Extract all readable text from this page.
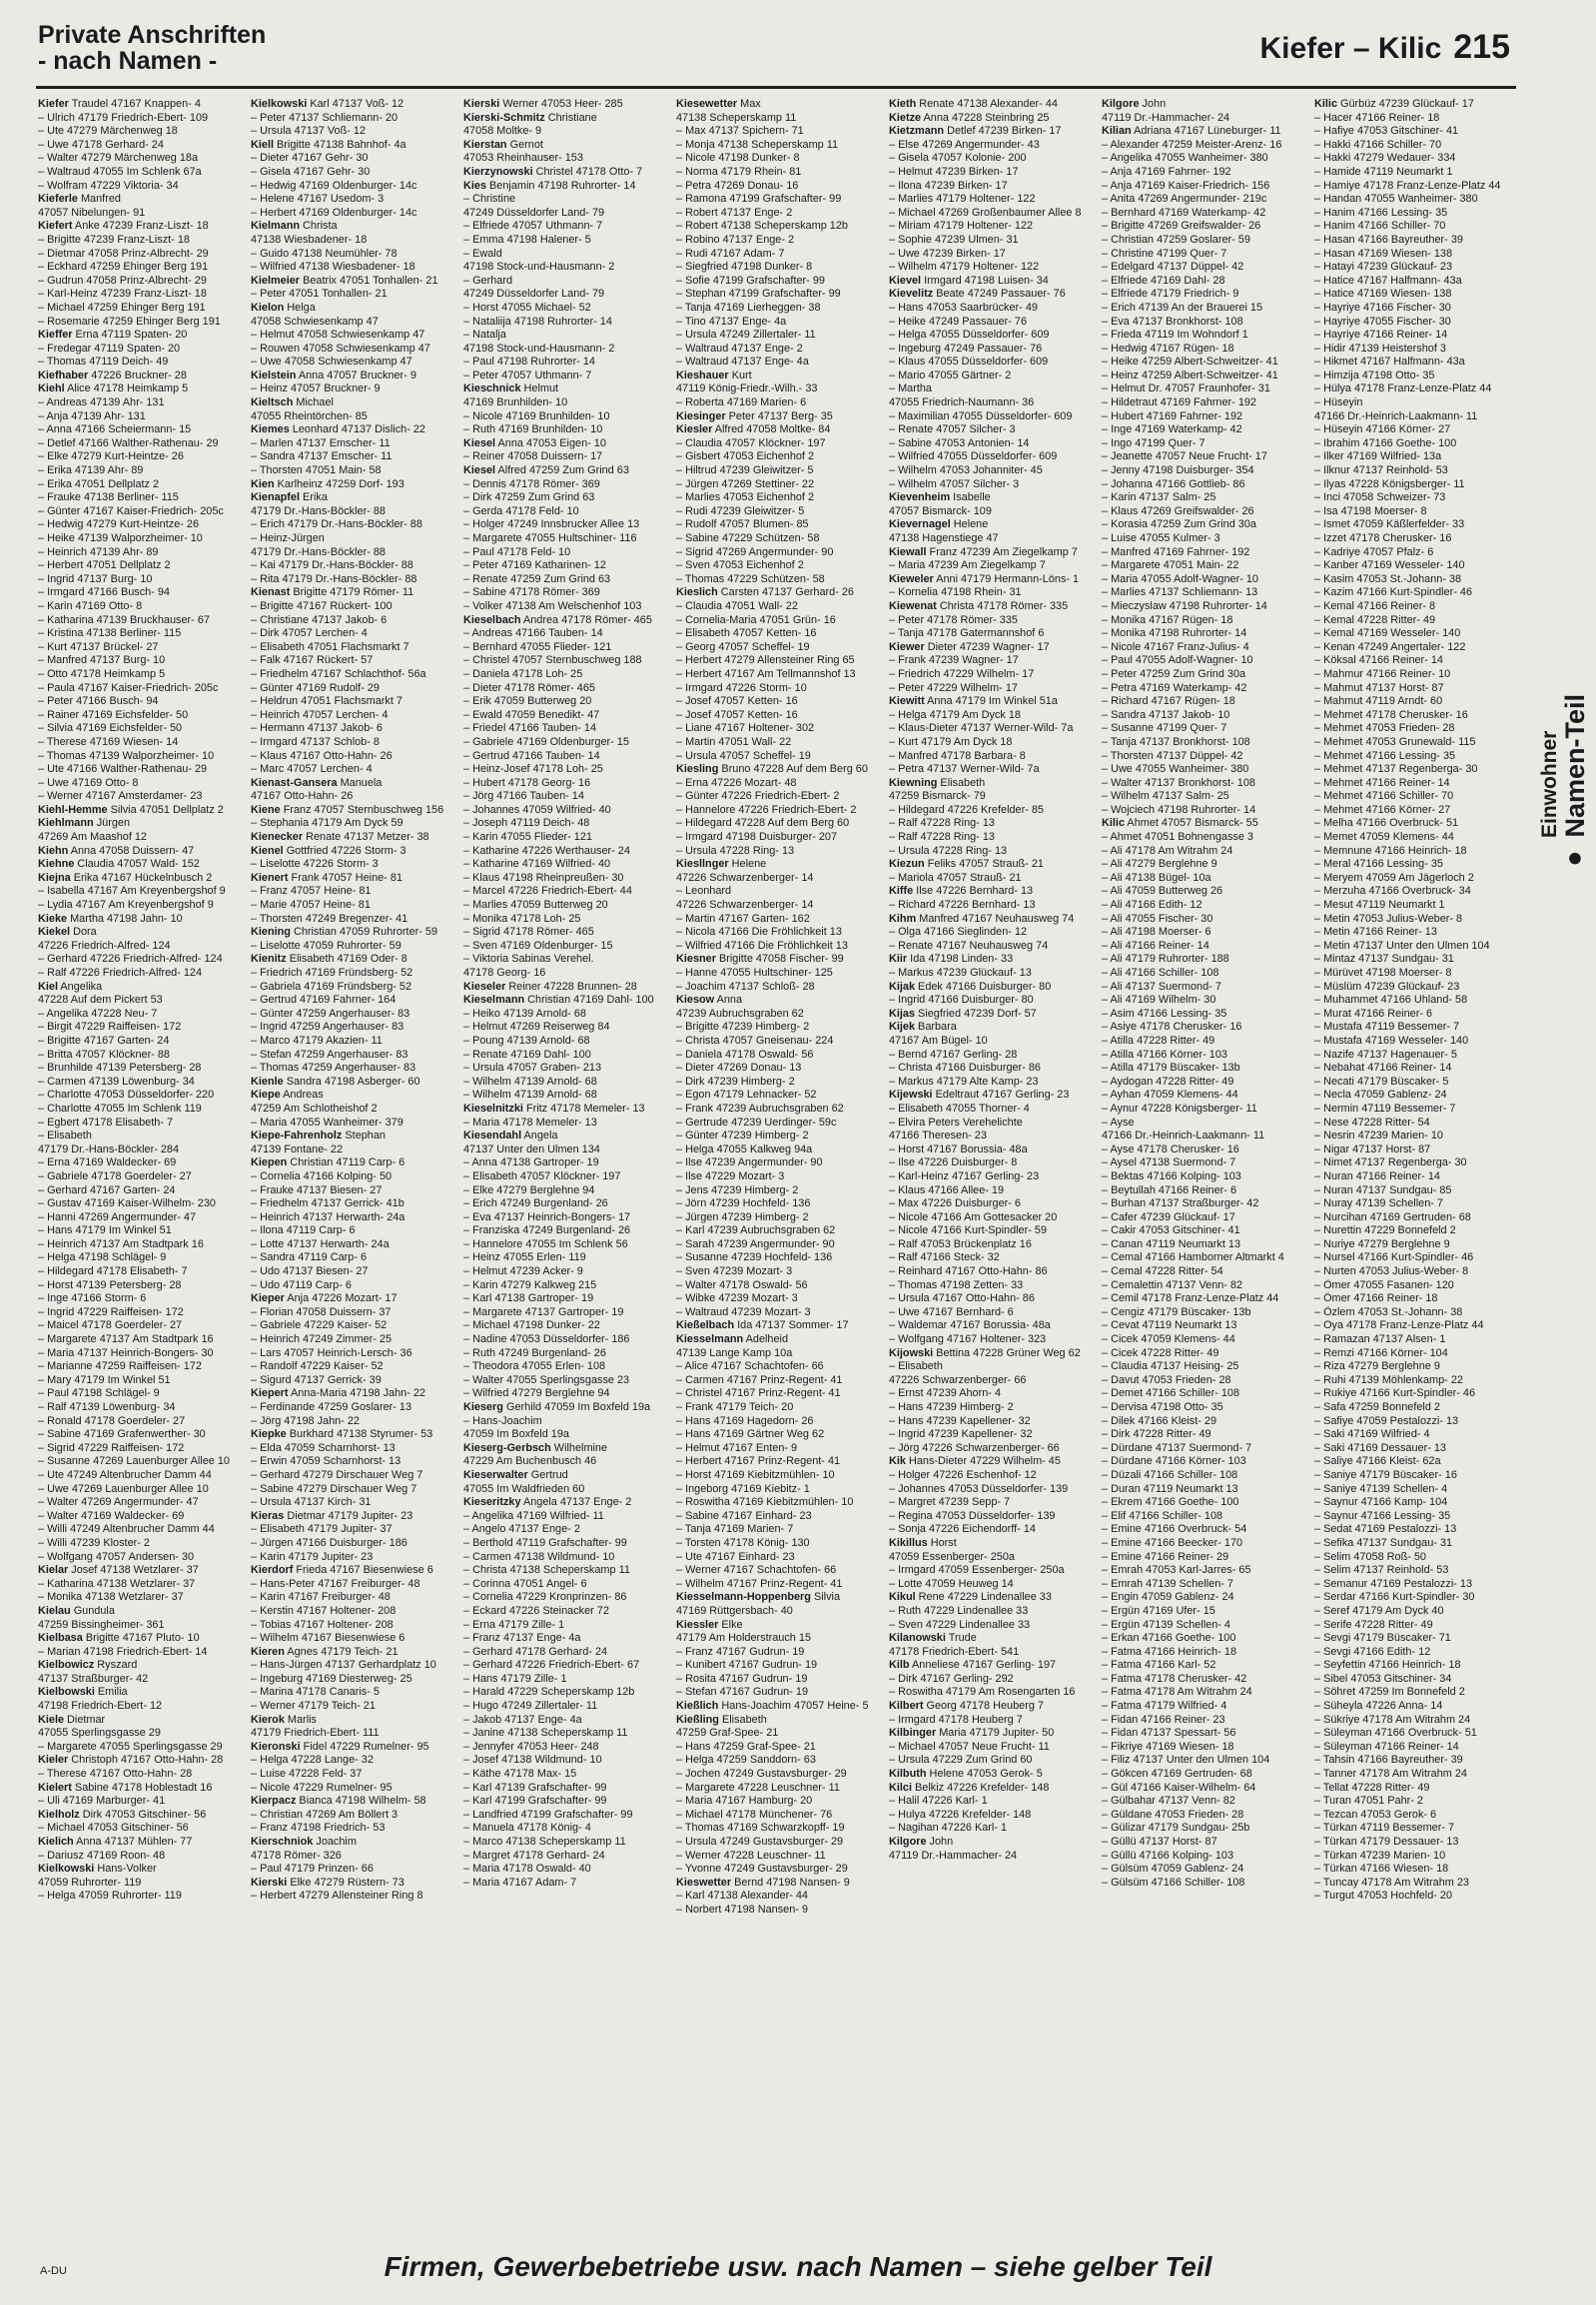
Private Anschriften
- nach Namen -	Kiefer – Kilic 215
Kiefer Traudel 47167 Knappen- 4
– Ulrich 47179 Friedrich-Ebert- 109
– Ute 47279 Märchenweg 18
– Uwe 47178 Gerhard- 24
– Walter 47279 Märchenweg 18a
– Waltraud 47055 Im Schlenk 67a
– Wolfram 47229 Viktoria- 34
Kieferle Manfred
47057 Nibelungen- 91
Kiefert Anke 47239 Franz-Liszt- 18
– Brigitte 47239 Franz-Liszt- 18
– Dietmar 47058 Prinz-Albrecht- 29
– Eckhard 47259 Ehinger Berg 191
– Gudrun 47058 Prinz-Albrecht- 29
– Karl-Heinz 47239 Franz-Liszt- 18
– Michael 47259 Ehinger Berg 191
– Rosemarie 47259 Ehinger Berg 191
Kieffer Erna 47119 Spaten- 20
– Fredegar 47119 Spaten- 20
– Thomas 47119 Deich- 49
Kiefhaber 47226 Bruckner- 28
Kiehl Alice 47178 Heimkamp 5
– Andreas 47139 Ahr- 131
– Anja 47139 Ahr- 131
– Anna 47166 Scheiermann- 15
– Detlef 47166 Walther-Rathenau- 29
– Elke 47279 Kurt-Heintze- 26
– Erika 47139 Ahr- 89
– Erika 47051 Dellplatz 2
– Frauke 47138 Berliner- 115
– Günter 47167 Kaiser-Friedrich- 205c
– Hedwig 47279 Kurt-Heintze- 26
– Heike 47139 Walporzheimer- 10
– Heinrich 47139 Ahr- 89
– Herbert 47051 Dellplatz 2
– Ingrid 47137 Burg- 10
– Irmgard 47166 Busch- 94
– Karin 47169 Otto- 8
– Katharina 47139 Bruckhauser- 67
– Kristina 47138 Berliner- 115
– Kurt 47137 Brückel- 27
– Manfred 47137 Burg- 10
– Otto 47178 Heimkamp 5
– Paula 47167 Kaiser-Friedrich- 205c
– Peter 47166 Busch- 94
– Rainer 47169 Eichsfelder- 50
– Silvia 47169 Eichsfelder- 50
– Therese 47169 Wiesen- 14
– Thomas 47139 Walporzheimer- 10
– Ute 47166 Walther-Rathenau- 29
– Uwe 47169 Otto- 8
– Werner 47167 Amsterdamer- 23
Kiehl-Hemme Silvia 47051 Dellplatz 2
Kiehlmann Jürgen
47269 Am Maashof 12
Kiehn Anna 47058 Duissern- 47
Kiehne Claudia 47057 Wald- 152
Kiejna Erika 47167 Hückelnbusch 2
– Isabella 47167 Am Kreyenbergshof 9
– Lydia 47167 Am Kreyenbergshof 9
Kieke Martha 47198 Jahn- 10
Kiekel Dora
47226 Friedrich-Alfred- 124
– Gerhard 47226 Friedrich-Alfred- 124
– Ralf 47226 Friedrich-Alfred- 124
Kiel Angelika
47228 Auf dem Pickert 53
– Angelika 47228 Neu- 7
– Birgit 47229 Raiffeisen- 172
– Brigitte 47167 Garten- 24
– Britta 47057 Klöckner- 88
– Brunhilde 47139 Petersberg- 28
– Carmen 47139 Löwenburg- 34
– Charlotte 47053 Düsseldorfer- 220
– Charlotte 47055 Im Schlenk 119
– Egbert 47178 Elisabeth- 7
– Elisabeth
47179 Dr.-Hans-Böckler- 284
– Erna 47169 Waldecker- 69
– Gabriele 47178 Goerdeler- 27
– Gerhard 47167 Garten- 24
– Gustav 47169 Kaiser-Wilhelm- 230
– Hanni 47269 Angermunder- 47
– Hans 47179 Im Winkel 51
– Heinrich 47137 Am Stadtpark 16
– Helga 47198 Schlägel- 9
– Hildegard 47178 Elisabeth- 7
– Horst 47139 Petersberg- 28
– Inge 47166 Storm- 6
– Ingrid 47229 Raiffeisen- 172
– Maicel 47178 Goerdeler- 27
– Margarete 47137 Am Stadtpark 16
– Maria 47137 Heinrich-Bongers- 30
– Marianne 47259 Raiffeisen- 172
– Mary 47179 Im Winkel 51
– Paul 47198 Schlägel- 9
– Ralf 47139 Löwenburg- 34
– Ronald 47178 Goerdeler- 27
– Sabine 47169 Grafenwerther- 30
– Sigrid 47229 Raiffeisen- 172
– Susanne 47269 Lauenburger Allee 10
– Ute 47249 Altenbrucher Damm 44
– Uwe 47269 Lauenburger Allee 10
– Walter 47269 Angermunder- 47
– Walter 47169 Waldecker- 69
– Willi 47249 Altenbrucher Damm 44
– Willi 47239 Kloster- 2
– Wolfgang 47057 Andersen- 30
Kielar Josef 47138 Wetzlarer- 37
– Katharina 47138 Wetzlarer- 37
– Monika 47138 Wetzlarer- 37
Kielau Gundula
47259 Bissingheimer- 361
Kielbasa Brigitte 47167 Pluto- 10
– Marian 47198 Friedrich-Ebert- 14
Kielbowicz Ryszard
47137 Straßburger- 42
Kielbowski Emilia
47198 Friedrich-Ebert- 12
Kiele Dietmar
47055 Sperlingsgasse 29
– Margarete 47055 Sperlingsgasse 29
Kieler Christoph 47167 Otto-Hahn- 28
– Therese 47167 Otto-Hahn- 28
Kielert Sabine 47178 Hoblestadt 16
– Uli 47169 Marburger- 41
Kielholz Dirk 47053 Gitschiner- 56
– Michael 47053 Gitschiner- 56
Kielich Anna 47137 Mühlen- 77
– Dariusz 47169 Roon- 48
Kielkowski Hans-Volker
47059 Ruhrorter- 119
– Helga 47059 Ruhrorter- 119
Kielkowski Karl 47137 Voß- 12
– Peter 47137 Schliemann- 20
– Ursula 47137 Voß- 12
Kiell Brigitte 47138 Bahnhof- 4a
– Dieter 47167 Gehr- 30
– Gisela 47167 Gehr- 30
– Hedwig 47169 Oldenburger- 14c
– Helene 47167 Usedom- 3
– Herbert 47169 Oldenburger- 14c
Kielmann Christa
47138 Wiesbadener- 18
– Guido 47138 Neumühler- 78
– Wilfried 47138 Wiesbadener- 18
Kielmeier Beatrix 47051 Tonhallen- 21
– Peter 47051 Tonhallen- 21
Kielon Helga
47058 Schwiesenkamp 47
– Helmut 47058 Schwiesenkamp 47
– Rouwen 47058 Schwiesenkamp 47
– Uwe 47058 Schwiesenkamp 47
Kielstein Anna 47057 Bruckner- 9
– Heinz 47057 Bruckner- 9
Kieltsch Michael
47055 Rheintörchen- 85
Kiemes Leonhard 47137 Dislich- 22
– Marlen 47137 Emscher- 11
– Sandra 47137 Emscher- 11
– Thorsten 47051 Main- 58
Kien Karlheinz 47259 Dorf- 193
Kienapfel Erika
47179 Dr.-Hans-Böckler- 88
– Erich 47179 Dr.-Hans-Böckler- 88
– Heinz-Jürgen
47179 Dr.-Hans-Böckler- 88
– Kai 47179 Dr.-Hans-Böckler- 88
– Rita 47179 Dr.-Hans-Böckler- 88
Kienast Brigitte 47179 Römer- 11
– Brigitte 47167 Rückert- 100
– Christiane 47137 Jakob- 6
– Dirk 47057 Lerchen- 4
– Elisabeth 47051 Flachsmarkt 7
– Falk 47167 Rückert- 57
– Friedhelm 47167 Schlachthof- 56a
– Günter 47169 Rudolf- 29
– Heldrun 47051 Flachsmarkt 7
– Heinrich 47057 Lerchen- 4
– Hermann 47137 Jakob- 6
– Irmgard 47137 Schlob- 8
– Klaus 47167 Otto-Hahn- 26
– Marc 47057 Lerchen- 4
Kienast-Gansera Manuela
47167 Otto-Hahn- 26
Kiene Franz 47057 Sternbuschweg 156
– Stephania 47179 Am Dyck 59
Kienecker Renate 47137 Metzer- 38
Kienel Gottfried 47226 Storm- 3
– Liselotte 47226 Storm- 3
Kienert Frank 47057 Heine- 81
– Franz 47057 Heine- 81
– Marie 47057 Heine- 81
– Thorsten 47249 Bregenzer- 41
Kiening Christian 47059 Ruhrorter- 59
– Liselotte 47059 Ruhrorter- 59
Kienitz Elisabeth 47169 Oder- 8
– Friedrich 47169 Fründsberg- 52
– Gabriela 47169 Fründsberg- 52
– Gertrud 47169 Fahrner- 164
– Günter 47259 Angerhauser- 83
– Ingrid 47259 Angerhauser- 83
– Marco 47179 Akazien- 11
– Stefan 47259 Angerhauser- 83
– Thomas 47259 Angerhauser- 83
Kienle Sandra 47198 Asberger- 60
Kiepe Andreas
47259 Am Schlotheishof 2
– Maria 47055 Wanheimer- 379
Kiepe-Fahrenholz Stephan
47139 Fontane- 22
Kiepen Christian 47119 Carp- 6
– Cornelia 47166 Kolping- 50
– Frauke 47137 Biesen- 27
– Friedhelm 47137 Gerrick- 41b
– Heinrich 47137 Herwarth- 24a
– Ilona 47119 Carp- 6
– Lotte 47137 Herwarth- 24a
– Sandra 47119 Carp- 6
– Udo 47137 Biesen- 27
– Udo 47119 Carp- 6
Kieper Anja 47226 Mozart- 17
– Florian 47058 Duissern- 37
– Gabriele 47229 Kaiser- 52
– Heinrich 47249 Zimmer- 25
– Lars 47057 Heinrich-Lersch- 36
– Randolf 47229 Kaiser- 52
– Sigurd 47137 Gerrick- 39
Kiepert Anna-Maria 47198 Jahn- 22
– Ferdinande 47259 Goslarer- 13
– Jörg 47198 Jahn- 22
Kiepke Burkhard 47138 Styrumer- 53
– Elda 47059 Scharnhorst- 13
– Erwin 47059 Scharnhorst- 13
– Gerhard 47279 Dirschauer Weg 7
– Sabine 47279 Dirschauer Weg 7
– Ursula 47137 Kirch- 31
Kieras Dietmar 47179 Jupiter- 23
– Elisabeth 47179 Jupiter- 37
– Jürgen 47166 Duisburger- 186
– Karin 47179 Jupiter- 23
Kierdorf Frieda 47167 Biesenwiese 6
– Hans-Peter 47167 Freiburger- 48
– Karin 47167 Freiburger- 48
– Kerstin 47167 Holtener- 208
– Tobias 47167 Holtener- 208
– Wilhelm 47167 Biesenwiese 6
Kieren Agnes 47179 Teich- 21
– Hans-Jürgen 47137 Gerhardplatz 10
– Ingeburg 47169 Diesterweg- 25
– Marina 47178 Canaris- 5
– Werner 47179 Teich- 21
Kierok Marlis
47179 Friedrich-Ebert- 111
Kieronski Fidel 47229 Rumelner- 95
– Helga 47228 Lange- 32
– Luise 47228 Feld- 37
– Nicole 47229 Rumelner- 95
Kierpacz Bianca 47198 Wilhelm- 58
– Christian 47269 Am Böllert 3
– Franz 47198 Friedrich- 53
Kierschniok Joachim
47178 Römer- 326
– Paul 47179 Prinzen- 66
Kierski Elke 47279 Rüstern- 73
– Herbert 47279 Allensteiner Ring 8
Kierski Werner 47053 Heer- 285
Kierski-Schmitz Christiane
47058 Moltke- 9
Kierstan Gernot
47053 Rheinhauser- 153
Kierzynowski Christel 47178 Otto- 7
Kies Benjamin 47198 Ruhrorter- 14
– Christine
47249 Düsseldorfer Land- 79
– Elfriede 47057 Uthmann- 7
– Emma 47198 Halener- 5
– Ewald
47198 Stock-und-Hausmann- 2
– Gerhard
47249 Düsseldorfer Land- 79
– Horst 47055 Michael- 52
– Nataliija 47198 Ruhrorter- 14
– Natalja
47198 Stock-und-Hausmann- 2
– Paul 47198 Ruhrorter- 14
– Peter 47057 Uthmann- 7
Kieschnick Helmut
47169 Brunhilden- 10
– Nicole 47169 Brunhilden- 10
– Ruth 47169 Brunhilden- 10
Kiesel Anna 47053 Eigen- 10
– Reiner 47058 Duissern- 17
Kiesel Alfred 47259 Zum Grind 63
– Dennis 47178 Römer- 369
– Dirk 47259 Zum Grind 63
– Gerda 47178 Feld- 10
– Holger 47249 Innsbrucker Allee 13
– Margarete 47055 Hultschiner- 116
– Paul 47178 Feld- 10
– Peter 47169 Katharinen- 12
– Renate 47259 Zum Grind 63
– Sabine 47178 Römer- 369
– Volker 47138 Am Welschenhof 103
Kieselbach Andrea 47178 Römer- 465
– Andreas 47166 Tauben- 14
– Bernhard 47055 Flieder- 121
– Christel 47057 Sternbuschweg 188
– Daniela 47178 Loh- 25
– Dieter 47178 Römer- 465
– Erik 47059 Butterweg 20
– Ewald 47059 Benedikt- 47
– Friedel 47166 Tauben- 14
– Gabriele 47169 Oldenburger- 15
– Gertrud 47166 Tauben- 14
– Heinz-Josef 47178 Loh- 25
– Hubert 47178 Georg- 16
– Jörg 47166 Tauben- 14
– Johannes 47059 Wilfried- 40
– Joseph 47119 Deich- 48
– Karin 47055 Flieder- 121
– Katharine 47226 Werthauser- 24
– Katharine 47169 Wilfried- 40
– Klaus 47198 Rheinpreußen- 30
– Marcel 47226 Friedrich-Ebert- 44
– Marlies 47059 Butterweg 20
– Monika 47178 Loh- 25
– Sigrid 47178 Römer- 465
– Sven 47169 Oldenburger- 15
– Viktoria Sabinas Verehel.
47178 Georg- 16
Kieseler Reiner 47228 Brunnen- 28
Kieselmann Christian 47169 Dahl- 100
– Heiko 47139 Arnold- 68
– Helmut 47269 Reiserweg 84
– Poung 47139 Arnold- 68
– Renate 47169 Dahl- 100
– Ursula 47057 Graben- 213
– Wilhelm 47139 Arnold- 68
– Wilhelm 47139 Arnold- 68
Kieselnitzki Fritz 47178 Memeler- 13
– Maria 47178 Memeler- 13
Kiesendahl Angela
47137 Unter den Ulmen 134
– Anna 47138 Gartroper- 19
– Elisabeth 47057 Klöckner- 197
– Elke 47279 Berglehne 94
– Erich 47249 Burgenland- 26
– Eva 47137 Heinrich-Bongers- 17
– Franziska 47249 Burgenland- 26
– Hannelore 47055 Im Schlenk 56
– Heinz 47055 Erlen- 119
– Helmut 47239 Acker- 9
– Karin 47279 Kalkweg 215
– Karl 47138 Gartroper- 19
– Margarete 47137 Gartroper- 19
– Michael 47198 Dunker- 22
– Nadine 47053 Düsseldorfer- 186
– Ruth 47249 Burgenland- 26
– Theodora 47055 Erlen- 108
– Walter 47055 Sperlingsgasse 23
– Wilfried 47279 Berglehne 94
Kieserg Gerhild 47059 Im Boxfeld 19a
– Hans-Joachim
47059 Im Boxfeld 19a
Kieserg-Gerbsch Wilhelmine
47229 Am Buchenbusch 46
Kieserwalter Gertrud
47055 Im Waldfrieden 60
Kieseritzky Angela 47137 Enge- 2
– Angelika 47169 Wilfried- 11
– Angelo 47137 Enge- 2
– Berthold 47119 Grafschafter- 99
– Carmen 47138 Wildmund- 10
– Christa 47138 Scheperskamp 11
– Corinna 47051 Angel- 6
– Cornelia 47229 Kronprinzen- 86
– Eckard 47226 Steinacker 72
– Erna 47179 Zille- 1
– Franz 47137 Enge- 4a
– Gerhard 47178 Gerhard- 24
– Gerhard 47226 Friedrich-Ebert- 67
– Hans 47179 Zille- 1
– Harald 47229 Scheperskamp 12b
– Hugo 47249 Zillertaler- 11
– Jakob 47137 Enge- 4a
– Janine 47138 Scheperskamp 11
– Jennyfer 47053 Heer- 248
– Josef 47138 Wildmund- 10
– Käthe 47178 Max- 15
– Karl 47139 Grafschafter- 99
– Karl 47199 Grafschafter- 99
– Landfried 47199 Grafschafter- 99
– Manuela 47178 König- 4
– Marco 47138 Scheperskamp 11
– Margret 47178 Gerhard- 24
– Maria 47178 Oswald- 40
– Maria 47167 Adam- 7
Kiesewetter Max
47138 Scheperskamp 11
– Max 47137 Spichern- 71
– Monja 47138 Scheperskamp 11
– Nicole 47198 Dunker- 8
– Norma 47179 Rhein- 81
– Petra 47269 Donau- 16
– Ramona 47199 Grafschafter- 99
– Robert 47137 Enge- 2
– Robert 47138 Scheperskamp 12b
– Robino 47137 Enge- 2
– Rudi 47167 Adam- 7
– Siegfried 47198 Dunker- 8
– Sofie 47199 Grafschafter- 99
– Stephan 47199 Grafschafter- 99
– Tanja 47169 Lierheggen- 38
– Tino 47137 Enge- 4a
– Ursula 47249 Zillertaler- 11
– Waltraud 47137 Enge- 2
– Waltraud 47137 Enge- 4a
Kieshauer Kurt
47119 König-Friedr.-Wilh.- 33
– Roberta 47169 Marien- 6
Kiesinger Peter 47137 Berg- 35
Kiesler Alfred 47058 Moltke- 84
– Claudia 47057 Klöckner- 197
– Gisbert 47053 Eichenhof 2
– Hiltrud 47239 Gleiwitzer- 5
– Jürgen 47269 Stettiner- 22
– Marlies 47053 Eichenhof 2
– Rudi 47239 Gleiwitzer- 5
– Rudolf 47057 Blumen- 85
– Sabine 47229 Schützen- 58
– Sigrid 47269 Angermunder- 90
– Sven 47053 Eichenhof 2
– Thomas 47229 Schützen- 58
Kieslich Carsten 47137 Gerhard- 26
– Claudia 47051 Wall- 22
– Cornelia-Maria 47051 Grün- 16
– Elisabeth 47057 Ketten- 16
– Georg 47057 Scheffel- 19
– Herbert 47279 Allensteiner Ring 65
– Herbert 47167 Am Tellmannshof 13
– Irmgard 47226 Storm- 10
– Josef 47057 Ketten- 16
– Josef 47057 Ketten- 16
– Liane 47167 Holtener- 302
– Martin 47051 Wall- 22
– Ursula 47057 Scheffel- 19
Kiesling Bruno 47228 Auf dem Berg 60
– Erna 47226 Mozart- 48
– Günter 47226 Friedrich-Ebert- 2
– Hannelore 47226 Friedrich-Ebert- 2
– Hildegard 47228 Auf dem Berg 60
– Irmgard 47198 Duisburger- 207
– Ursula 47228 Ring- 13
Kiesllnger Helene
47226 Schwarzenberger- 14
– Leonhard
47226 Schwarzenberger- 14
– Martin 47167 Garten- 162
– Nicola 47166 Die Fröhlichkeit 13
– Wilfried 47166 Die Fröhlichkeit 13
Kiesner Brigitte 47058 Fischer- 99
– Hanne 47055 Hultschiner- 125
– Joachim 47137 Schloß- 28
Kiesow Anna
47239 Aubruchsgraben 62
– Brigitte 47239 Himberg- 2
– Christa 47057 Gneisenau- 224
– Daniela 47178 Oswald- 56
– Dieter 47269 Donau- 13
– Dirk 47239 Himberg- 2
– Egon 47179 Lehnacker- 52
– Frank 47239 Aubruchsgraben 62
– Gertrude 47239 Uerdinger- 59c
– Günter 47239 Himberg- 2
– Helga 47055 Kalkweg 94a
– Ilse 47239 Angermunder- 90
– Ilse 47229 Mozart- 3
– Jens 47239 Himberg- 2
– Jörn 47239 Hochfeld- 136
– Jürgen 47239 Himberg- 2
– Karl 47239 Aubruchsgraben 62
– Sarah 47239 Angermunder- 90
– Susanne 47239 Hochfeld- 136
– Sven 47239 Mozart- 3
– Walter 47178 Oswald- 56
– Wibke 47239 Mozart- 3
– Waltraud 47239 Mozart- 3
Kießelbach Ida 47137 Sommer- 17
Kiesselmann Adelheid
47139 Lange Kamp 10a
– Alice 47167 Schachtofen- 66
– Carmen 47167 Prinz-Regent- 41
– Christel 47167 Prinz-Regent- 41
– Frank 47179 Teich- 20
– Hans 47169 Hagedorn- 26
– Hans 47169 Gärtner Weg 62
– Helmut 47167 Enten- 9
– Herbert 47167 Prinz-Regent- 41
– Horst 47169 Kiebitzmühlen- 10
– Ingeborg 47169 Kiebitz- 1
– Roswitha 47169 Kiebitzmühlen- 10
– Sabine 47167 Einhard- 23
– Tanja 47169 Marien- 7
– Torsten 47178 König- 130
– Ute 47167 Einhard- 23
– Werner 47167 Schachtofen- 66
– Wilhelm 47167 Prinz-Regent- 41
Kiesselmann-Hoppenberg Silvia
47169 Rüttgersbach- 40
Kiessler Elke
47179 Am Holderstrauch 15
– Franz 47167 Gudrun- 19
– Kunibert 47167 Gudrun- 19
– Rosita 47167 Gudrun- 19
– Stefan 47167 Gudrun- 19
Kießlich Hans-Joachim 47057 Heine- 5
Kießling Elisabeth
47259 Graf-Spee- 21
– Hans 47259 Graf-Spee- 21
– Helga 47259 Sanddorn- 63
– Jochen 47249 Gustavsburger- 29
– Margarete 47228 Leuschner- 11
– Maria 47167 Hamburg- 20
– Michael 47178 Münchener- 76
– Thomas 47169 Schwarzkopff- 19
– Ursula 47249 Gustavsburger- 29
– Werner 47228 Leuschner- 11
– Yvonne 47249 Gustavsburger- 29
Kieswetter Bernd 47198 Nansen- 9
– Karl 47138 Alexander- 44
– Norbert 47198 Nansen- 9
Kieth Renate 47138 Alexander- 44
Kietze Anna 47228 Steinbring 25
Kietzmann Detlef 47239 Birken- 17
– Else 47269 Angermunder- 43
– Gisela 47057 Kolonie- 200
– Helmut 47239 Birken- 17
– Ilona 47239 Birken- 17
– Marlies 47179 Holtener- 122
– Michael 47269 Großenbaumer Allee 8
– Miriam 47179 Holtener- 122
– Sophie 47239 Ulmen- 31
– Uwe 47239 Birken- 17
– Wilhelm 47179 Holtener- 122
Kievel Irmgard 47198 Luisen- 34
Kievelitz Beate 47249 Passauer- 76
– Hans 47053 Saarbrücker- 49
– Heike 47249 Passauer- 76
– Helga 47055 Düsseldorfer- 609
– Ingeburg 47249 Passauer- 76
– Klaus 47055 Düsseldorfer- 609
– Mario 47055 Gärtner- 2
– Martha
47055 Friedrich-Naumann- 36
– Maximilian 47055 Düsseldorfer- 609
– Renate 47057 Silcher- 3
– Sabine 47053 Antonien- 14
– Wilfried 47055 Düsseldorfer- 609
– Wilhelm 47053 Johanniter- 45
– Wilhelm 47057 Silcher- 3
Kievenheim Isabelle
47057 Bismarck- 109
Kievernagel Helene
47138 Hagenstiege 47
Kiewall Franz 47239 Am Ziegelkamp 7
– Maria 47239 Am Ziegelkamp 7
Kieweler Anni 47179 Hermann-Löns- 1
– Kornelia 47198 Rhein- 31
Kiewenat Christa 47178 Römer- 335
– Peter 47178 Römer- 335
– Tanja 47178 Gatermannshof 6
Kiewer Dieter 47239 Wagner- 17
– Frank 47239 Wagner- 17
– Friedrich 47229 Wilhelm- 17
– Peter 47229 Wilhelm- 17
Kiewitt Anna 47179 Im Winkel 51a
– Helga 47179 Am Dyck 18
– Klaus-Dieter 47137 Werner-Wild- 7a
– Kurt 47179 Am Dyck 18
– Manfred 47178 Barbara- 8
– Petra 47137 Werner-Wild- 7a
Kiewning Elisabeth
47259 Bismarck- 79
– Hildegard 47226 Krefelder- 85
– Ralf 47228 Ring- 13
– Ralf 47228 Ring- 13
– Ursula 47228 Ring- 13
Kiezun Feliks 47057 Strauß- 21
– Mariola 47057 Strauß- 21
Kiffe Ilse 47226 Bernhard- 13
– Richard 47226 Bernhard- 13
Kihm Manfred 47167 Neuhausweg 74
– Olga 47166 Sieglinden- 12
– Renate 47167 Neuhausweg 74
Kiir Ida 47198 Linden- 33
– Markus 47239 Glückauf- 13
Kijak Edek 47166 Duisburger- 80
– Ingrid 47166 Duisburger- 80
Kijas Siegfried 47239 Dorf- 57
Kijek Barbara
47167 Am Bügel- 10
– Bernd 47167 Gerling- 28
– Christa 47166 Duisburger- 86
– Markus 47179 Alte Kamp- 23
Kijewski Edeltraut 47167 Gerling- 23
– Elisabeth 47055 Thorner- 4
– Elvira Peters Verehelichte
47166 Theresen- 23
– Horst 47167 Borussia- 48a
– Ilse 47226 Duisburger- 8
– Karl-Heinz 47167 Gerling- 23
– Klaus 47166 Allee- 19
– Max 47226 Duisburger- 6
– Nicole 47166 Am Gottesacker 20
– Nicole 47166 Kurt-Spindler- 59
– Ralf 47053 Brückenplatz 16
– Ralf 47166 Steck- 32
– Reinhard 47167 Otto-Hahn- 86
– Thomas 47198 Zetten- 33
– Ursula 47167 Otto-Hahn- 86
– Uwe 47167 Bernhard- 6
– Waldemar 47167 Borussia- 48a
– Wolfgang 47167 Holtener- 323
Kijowski Bettina 47228 Grüner Weg 62
– Elisabeth
47226 Schwarzenberger- 66
– Ernst 47239 Ahorn- 4
– Hans 47239 Himberg- 2
– Hans 47239 Kapellener- 32
– Ingrid 47239 Kapellener- 32
– Jörg 47226 Schwarzenberger- 66
Kik Hans-Dieter 47229 Wilhelm- 45
– Holger 47226 Eschenhof- 12
– Johannes 47053 Düsseldorfer- 139
– Margret 47239 Sepp- 7
– Regina 47053 Düsseldorfer- 139
– Sonja 47226 Eichendorff- 14
Kikillus Horst
47059 Essenberger- 250a
– Irmgard 47059 Essenberger- 250a
– Lotte 47059 Heuweg 14
Kikul Rene 47229 Lindenallee 33
– Ruth 47229 Lindenallee 33
– Sven 47229 Lindenallee 33
Kilanowski Trude
47178 Friedrich-Ebert- 541
Kilb Anneliese 47167 Gerling- 197
– Dirk 47167 Gerling- 292
– Roswitha 47179 Am Rosengarten 16
Kilbert Georg 47178 Heuberg 7
– Irmgard 47178 Heuberg 7
Kilbinger Maria 47179 Jupiter- 50
– Michael 47057 Neue Frucht- 11
– Ursula 47229 Zum Grind 60
Kilbuth Helene 47053 Gerok- 5
Kilci Belkiz 47226 Krefelder- 148
– Halil 47226 Karl- 1
– Hulya 47226 Krefelder- 148
– Nagihan 47226 Karl- 1
Kilgore John
47119 Dr.-Hammacher- 24
Kilgore John
47119 Dr.-Hammacher- 24
Kilian Adriana 47167 Lüneburger- 11
– Alexander 47259 Meister-Arenz- 16
– Angelika 47055 Wanheimer- 380
– Anja 47169 Fahrner- 192
– Anja 47169 Kaiser-Friedrich- 156
– Anita 47269 Angermunder- 219c
– Bernhard 47169 Waterkamp- 42
– Brigitte 47269 Greifswalder- 26
– Christian 47259 Goslarer- 59
– Christine 47199 Quer- 7
– Edelgard 47137 Düppel- 42
– Elfriede 47169 Dahl- 28
– Elfriede 47179 Friedrich- 9
– Erich 47139 An der Brauerei 15
– Eva 47137 Bronkhorst- 108
– Frieda 47119 Im Wohndorf 1
– Hedwig 47167 Rügen- 18
– Heike 47259 Albert-Schweitzer- 41
– Heinz 47259 Albert-Schweitzer- 41
– Helmut Dr. 47057 Fraunhofer- 31
– Hildetraut 47169 Fahrner- 192
– Hubert 47169 Fahrner- 192
– Inge 47169 Waterkamp- 42
– Ingo 47199 Quer- 7
– Jeanette 47057 Neue Frucht- 17
– Jenny 47198 Duisburger- 354
– Johanna 47166 Gottlieb- 86
– Karin 47137 Salm- 25
– Klaus 47269 Greifswalder- 26
– Korasia 47259 Zum Grind 30a
– Luise 47055 Kulmer- 3
– Manfred 47169 Fahrner- 192
– Margarete 47051 Main- 22
– Maria 47055 Adolf-Wagner- 10
– Marlies 47137 Schliemann- 13
– Mieczyslaw 47198 Ruhrorter- 14
– Monika 47167 Rügen- 18
– Monika 47198 Ruhrorter- 14
– Nicole 47167 Franz-Julius- 4
– Paul 47055 Adolf-Wagner- 10
– Peter 47259 Zum Grind 30a
– Petra 47169 Waterkamp- 42
– Richard 47167 Rügen- 18
– Sandra 47137 Jakob- 10
– Susanne 47199 Quer- 7
– Tanja 47137 Bronkhorst- 108
– Thorsten 47137 Düppel- 42
– Uwe 47055 Wanheimer- 380
– Walter 47137 Bronkhorst- 108
– Wilhelm 47137 Salm- 25
– Wojciech 47198 Ruhrorter- 14
Kilic Ahmet 47057 Bismarck- 55
– Ahmet 47051 Bohnengasse 3
– Ali 47178 Am Witrahm 24
– Ali 47279 Berglehne 9
– Ali 47138 Bügel- 10a
– Ali 47059 Butterweg 26
– Ali 47166 Edith- 12
– Ali 47055 Fischer- 30
– Ali 47198 Moerser- 6
– Ali 47166 Reiner- 14
– Ali 47179 Ruhrorter- 188
– Ali 47166 Schiller- 108
– Ali 47137 Suermond- 7
– Ali 47169 Wilhelm- 30
– Asim 47166 Lessing- 35
– Asiye 47178 Cherusker- 16
– Atilla 47228 Ritter- 49
– Atilla 47166 Körner- 103
– Atilla 47179 Büscaker- 13b
– Aydogan 47228 Ritter- 49
– Ayhan 47059 Klemens- 44
– Aynur 47228 Königsberger- 11
– Ayse
47166 Dr.-Heinrich-Laakmann- 11
– Ayse 47178 Cherusker- 16
– Aysel 47138 Suermond- 7
– Bektas 47166 Kolping- 103
– Beytullah 47166 Reiner- 6
– Burhan 47137 Straßburger- 42
– Cafer 47239 Glückauf- 17
– Cakir 47053 Gitschiner- 41
– Canan 47119 Neumarkt 13
– Cemal 47166 Hamborner Altmarkt 4
– Cemal 47228 Ritter- 54
– Cemalettin 47137 Venn- 82
– Cemil 47178 Franz-Lenze-Platz 44
– Cengiz 47179 Büscaker- 13b
– Cevat 47119 Neumarkt 13
– Cicek 47059 Klemens- 44
– Cicek 47228 Ritter- 49
– Claudia 47137 Heising- 25
– Davut 47053 Frieden- 28
– Demet 47166 Schiller- 108
– Dervisa 47198 Otto- 35
– Dilek 47166 Kleist- 29
– Dirk 47228 Ritter- 49
– Dürdane 47137 Suermond- 7
– Dürdane 47166 Körner- 103
– Düzali 47166 Schiller- 108
– Duran 47119 Neumarkt 13
– Ekrem 47166 Goethe- 100
– Elif 47166 Schiller- 108
– Emine 47166 Overbruck- 54
– Emine 47166 Beecker- 170
– Emine 47166 Reiner- 29
– Emrah 47053 Karl-Jarres- 65
– Emrah 47139 Schellen- 7
– Engin 47059 Gablenz- 24
– Ergün 47169 Ufer- 15
– Ergün 47139 Schellen- 4
– Erkan 47166 Goethe- 100
– Fatma 47166 Heinrich- 18
– Fatma 47166 Karl- 52
– Fatma 47178 Cherusker- 42
– Fatma 47178 Am Witrahm 24
– Fatma 47179 Wilfried- 4
– Fidan 47166 Reiner- 23
– Fidan 47137 Spessart- 56
– Fikriye 47169 Wiesen- 18
– Filiz 47137 Unter den Ulmen 104
– Gökcen 47169 Gertruden- 68
– Gül 47166 Kaiser-Wilhelm- 64
– Gülbahar 47137 Venn- 82
– Güldane 47053 Frieden- 28
– Gülizar 47179 Sundgau- 25b
– Güllü 47137 Horst- 87
– Güllü 47166 Kolping- 103
– Gülsüm 47059 Gablenz- 24
– Gülsüm 47166 Schiller- 108
Kilic Gürbüz 47239 Glückauf- 17
– Hacer 47166 Reiner- 18
– Hafiye 47053 Gitschiner- 41
– Hakki 47166 Schiller- 70
– Hakki 47279 Wedauer- 334
– Hamide 47119 Neumarkt 1
– Hamiye 47178 Franz-Lenze-Platz 44
– Handan 47055 Wanheimer- 380
– Hanim 47166 Lessing- 35
– Hanim 47166 Schiller- 70
– Hasan 47166 Bayreuther- 39
– Hasan 47169 Wiesen- 138
– Hatayi 47239 Glückauf- 23
– Hatice 47167 Halfmann- 43a
– Hatice 47169 Wiesen- 138
– Hayriye 47166 Fischer- 30
– Hayriye 47055 Fischer- 30
– Hayriye 47166 Reiner- 14
– Hidir 47139 Heistershof 3
– Hikmet 47167 Halfmann- 43a
– Himzija 47198 Otto- 35
– Hülya 47178 Franz-Lenze-Platz 44
– Hüseyin
47166 Dr.-Heinrich-Laakmann- 11
– Hüseyin 47166 Körner- 27
– Ibrahim 47166 Goethe- 100
– Ilker 47169 Wilfried- 13a
– Ilknur 47137 Reinhold- 53
– Ilyas 47228 Königsberger- 11
– Inci 47058 Schweizer- 73
– Isa 47198 Moerser- 8
– Ismet 47059 Käßlerfelder- 33
– Izzet 47178 Cherusker- 16
– Kadriye 47057 Pfalz- 6
– Kanber 47169 Wesseler- 140
– Kasim 47053 St.-Johann- 38
– Kazim 47166 Kurt-Spindler- 46
– Kemal 47166 Reiner- 8
– Kemal 47228 Ritter- 49
– Kemal 47169 Wesseler- 140
– Kenan 47249 Angertaler- 122
– Köksal 47166 Reiner- 14
– Mahmur 47166 Reiner- 10
– Mahmut 47137 Horst- 87
– Mahmut 47119 Arndt- 60
– Mehmet 47178 Cherusker- 16
– Mehmet 47053 Frieden- 28
– Mehmet 47053 Grunewald- 115
– Mehmet 47166 Lessing- 35
– Mehmet 47137 Regenberga- 30
– Mehmet 47166 Reiner- 14
– Mehmet 47166 Schiller- 70
– Mehmet 47166 Körner- 27
– Melha 47166 Overbruck- 51
– Memet 47059 Klemens- 44
– Memnune 47166 Heinrich- 18
– Meral 47166 Lessing- 35
– Meryem 47059 Am Jägerloch 2
– Merzuha 47166 Overbruck- 34
– Mesut 47119 Neumarkt 1
– Metin 47053 Julius-Weber- 8
– Metin 47166 Reiner- 13
– Metin 47137 Unter den Ulmen 104
– Mintaz 47137 Sundgau- 31
– Mürüvet 47198 Moerser- 8
– Müslüm 47239 Glückauf- 23
– Muhammet 47166 Uhland- 58
– Murat 47166 Reiner- 6
– Mustafa 47119 Bessemer- 7
– Mustafa 47169 Wesseler- 140
– Nazife 47137 Hagenauer- 5
– Nebahat 47166 Reiner- 14
– Necati 47179 Büscaker- 5
– Necla 47059 Gablenz- 24
– Nermin 47119 Bessemer- 7
– Nese 47228 Ritter- 54
– Nesrin 47239 Marien- 10
– Nigar 47137 Horst- 87
– Nimet 47137 Regenberga- 30
– Nuran 47166 Reiner- 14
– Nuran 47137 Sundgau- 85
– Nuray 47139 Schellen- 7
– Nurcihan 47169 Gertruden- 68
– Nurettin 47229 Bonnefeld 2
– Nuriye 47279 Berglehne 9
– Nursel 47166 Kurt-Spindler- 46
– Nurten 47053 Julius-Weber- 8
– Ömer 47055 Fasanen- 120
– Ömer 47166 Reiner- 18
– Özlem 47053 St.-Johann- 38
– Oya 47178 Franz-Lenze-Platz 44
– Ramazan 47137 Alsen- 1
– Remzi 47166 Körner- 104
– Riza 47279 Berglehne 9
– Ruhi 47139 Möhlenkamp- 22
– Rukiye 47166 Kurt-Spindler- 46
– Safa 47259 Bonnefeld 2
– Safiye 47059 Pestalozzi- 13
– Saki 47169 Wilfried- 4
– Saki 47169 Dessauer- 13
– Saliye 47166 Kleist- 62a
– Saniye 47179 Büscaker- 16
– Saniye 47139 Schellen- 4
– Saynur 47166 Kamp- 104
– Saynur 47166 Lessing- 35
– Sedat 47169 Pestalozzi- 13
– Sefika 47137 Sundgau- 31
– Selim 47058 Roß- 50
– Selim 47137 Reinhold- 53
– Semanur 47169 Pestalozzi- 13
– Serdar 47166 Kurt-Spindler- 30
– Seref 47179 Am Dyck 40
– Serife 47228 Ritter- 49
– Sevgi 47179 Büscaker- 71
– Sevgi 47166 Edith- 12
– Seyfettin 47166 Heinrich- 18
– Sibel 47053 Gitschiner- 34
– Söhret 47259 Im Bonnefeld 2
– Süheyla 47226 Anna- 14
– Sükriye 47178 Am Witrahm 24
– Süleyman 47166 Overbruck- 51
– Süleyman 47166 Reiner- 14
– Tahsin 47166 Bayreuther- 39
– Tanner 47178 Am Witrahm 24
– Tellat 47228 Ritter- 49
– Turan 47051 Pahr- 2
– Tezcan 47053 Gerok- 6
– Türkan 47119 Bessemer- 7
– Türkan 47179 Dessauer- 13
– Türkan 47239 Marien- 10
– Türkan 47166 Wiesen- 18
– Tuncay 47178 Am Witrahm 23
– Turgut 47053 Hochfeld- 20
Einwohner ● Namen-Teil
A-DU	Firmen, Gewerbebetriebe usw. nach Namen – siehe gelber Teil
